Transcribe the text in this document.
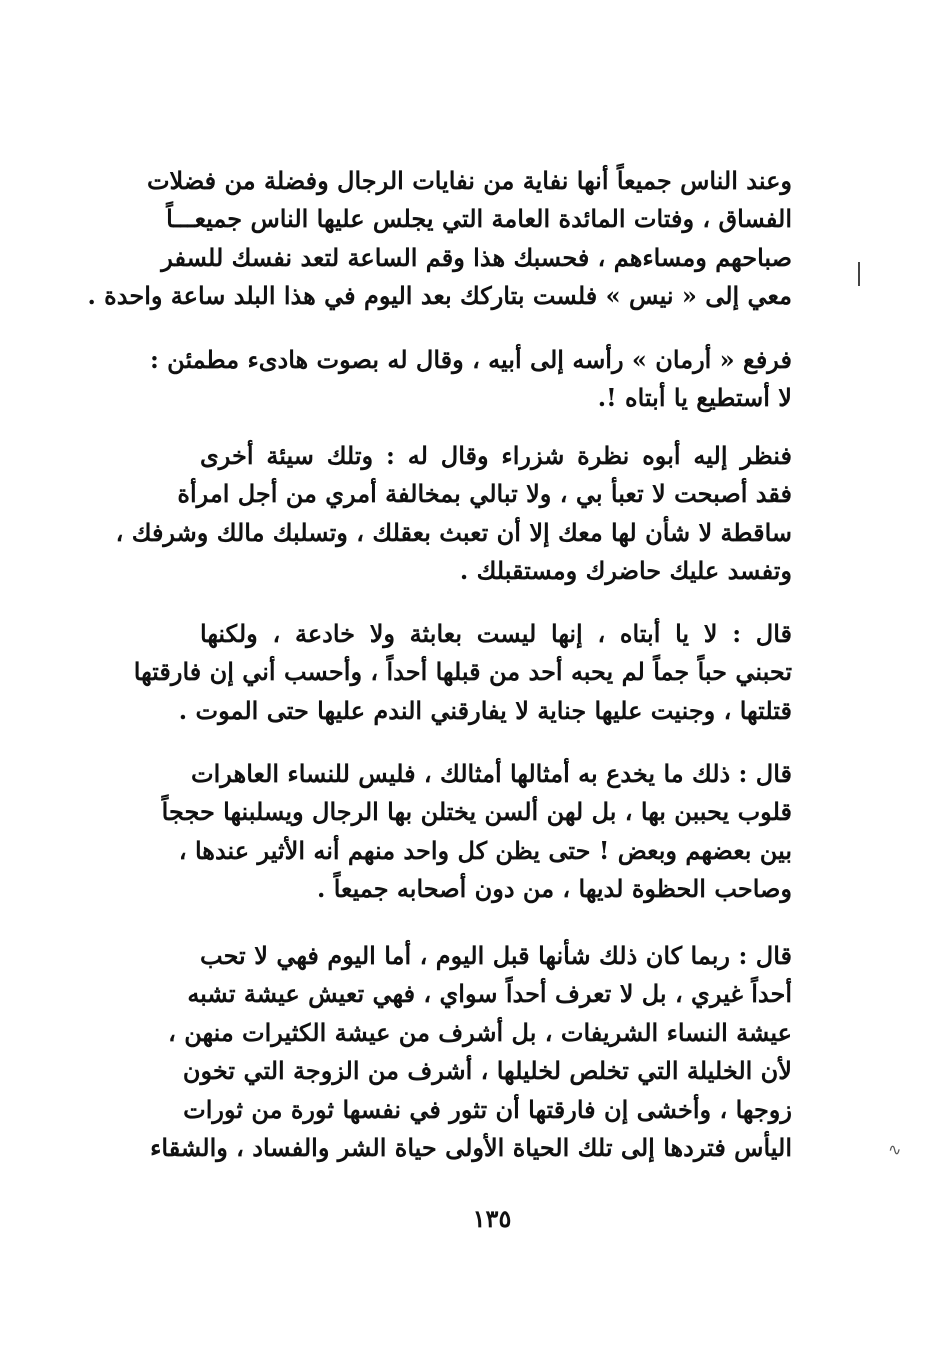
∿
وعند الناس جميعاً أنها نفاية من نفايات الرجال وفضلة من فضلات
الفساق ، وفتات المائدة العامة التي يجلس عليها الناس جميعـــاً
صباحهم ومساءهم ، فحسبك هذا وقم الساعة لتعد نفسك للسفر
معي إلى « نيس » فلست بتاركك بعد اليوم في هذا البلد ساعة واحدة .
فرفع « أرمان » رأسه إلى أبيه ، وقال له بصوت هادىء مطمئن :
لا أستطيع يا أبتاه !.
فنظر إليه أبوه نظرة شزراء وقال له : وتلك سيئة أخرى
فقد أصبحت لا تعبأ بي ، ولا تبالي بمخالفة أمري من أجل امرأة
ساقطة لا شأن لها معك إلا أن تعبث بعقلك ، وتسلبك مالك وشرفك ،
وتفسد عليك حاضرك ومستقبلك .
قال : لا يا أبتاه ، إنها ليست بعابثة ولا خادعة ، ولكنها
تحبني حباً جماً لم يحبه أحد من قبلها أحداً ، وأحسب أني إن فارقتها
قتلتها ، وجنيت عليها جناية لا يفارقني الندم عليها حتى الموت .
قال : ذلك ما يخدع به أمثالها أمثالك ، فليس للنساء العاهرات
قلوب يحببن بها ، بل لهن ألسن يختلن بها الرجال ويسلبنها حججاً
بين بعضهم وبعض ! حتى يظن كل واحد منهم أنه الأثير عندها ،
وصاحب الحظوة لديها ، من دون أصحابه جميعاً .
قال : ربما كان ذلك شأنها قبل اليوم ، أما اليوم فهي لا تحب
أحداً غيري ، بل لا تعرف أحداً سواي ، فهي تعيش عيشة تشبه
عيشة النساء الشريفات ، بل أشرف من عيشة الكثيرات منهن ،
لأن الخليلة التي تخلص لخليلها ، أشرف من الزوجة التي تخون
زوجها ، وأخشى إن فارقتها أن تثور في نفسها ثورة من ثورات
اليأس فتردها إلى تلك الحياة الأولى حياة الشر والفساد ، والشقاء
١٣٥
